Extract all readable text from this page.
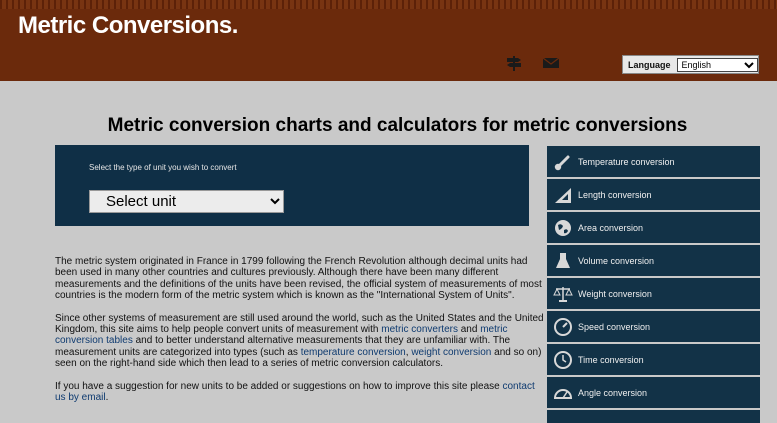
Metric Conversions.
Language
English
Metric conversion charts and calculators for metric conversions
Select the type of unit you wish to convert
Select unit

The metric system originated in France in 1799 following the French Revolution although decimal units had been used in many other countries and cultures previously. Although there have been many different measurements and the definitions of the units have been revised, the official system of measurements of most countries is the modern form of the metric system which is known as the "International System of Units".

Since other systems of measurement are still used around the world, such as the United States and the United Kingdom, this site aims to help people convert units of measurement with metric converters and metric conversion tables and to better understand alternative measurements that they are unfamiliar with. The measurement units are categorized into types (such as temperature conversion, weight conversion and so on) seen on the right-hand side which then lead to a series of metric conversion calculators.

If you have a suggestion for new units to be added or suggestions on how to improve this site please contact us by email.

Temperature conversion
Length conversion
Area conversion
Volume conversion
Weight conversion
Speed conversion
Time conversion
Angle conversion
